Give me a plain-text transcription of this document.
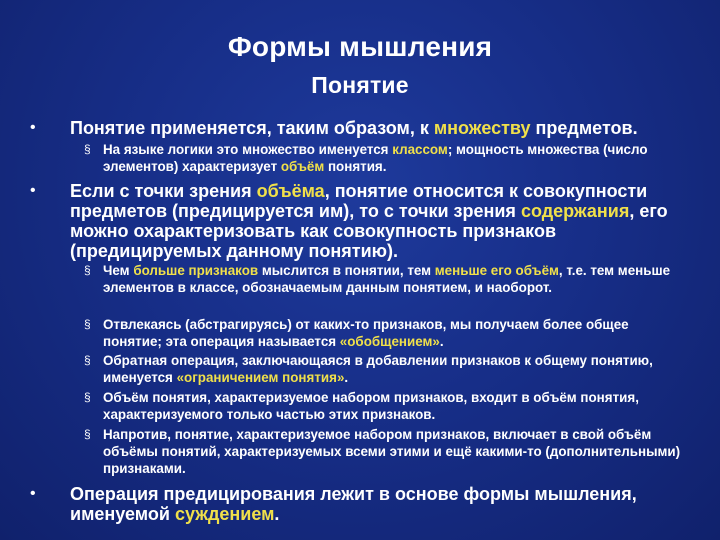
Формы мышления
Понятие
•	Понятие применяется, таким образом, к множеству предметов.
§ На языке логики это множество именуется классом; мощность множества (число элементов) характеризует объём понятия.
•	Если с точки зрения объёма, понятие относится к совокупности предметов (предицируется им), то с точки зрения содержания, его можно охарактеризовать как совокупность признаков (предицируемых данному понятию).
§ Чем больше признаков мыслится в понятии, тем меньше его объём, т.е. тем меньше элементов в классе, обозначаемым данным понятием, и наоборот.
§ Отвлекаясь (абстрагируясь) от каких-то признаков, мы получаем более общее понятие; эта операция называется «обобщением».
§ Обратная операция, заключающаяся в добавлении признаков к общему понятию, именуется «ограничением понятия».
§ Объём понятия, характеризуемое набором признаков, входит в объём понятия, характеризуемого только частью этих признаков.
§ Напротив, понятие, характеризуемое набором признаков, включает в свой объём объёмы понятий, характеризуемых всеми этими и ещё какими-то (дополнительными) признаками.
•	Операция предицирования лежит в основе формы мышления, именуемой суждением.
